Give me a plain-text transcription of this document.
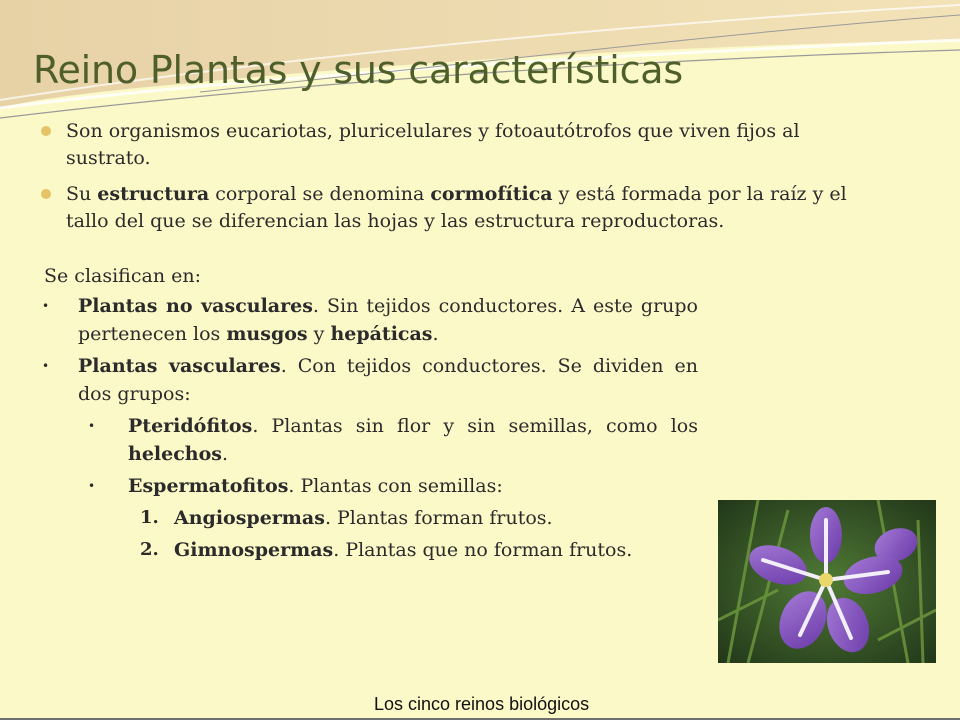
Reino Plantas y sus características
Son organismos eucariotas, pluricelulares y fotoautótrofos que viven fijos al sustrato.
Su estructura corporal se denomina cormofítica y está formada por la raíz y el tallo del que se diferencian las hojas y las estructura reproductoras.
Se clasifican en:
• Plantas no vasculares. Sin tejidos conductores. A este grupo pertenecen los musgos y hepáticas.
• Plantas vasculares. Con tejidos conductores. Se dividen en dos grupos:
• Pteridófitos. Plantas sin flor y sin semillas, como los helechos.
• Espermatofitos. Plantas con semillas:
1. Angiospermas. Plantas forman frutos.
2. Gimnospermas. Plantas que no forman frutos.
Los cinco reinos biológicos
